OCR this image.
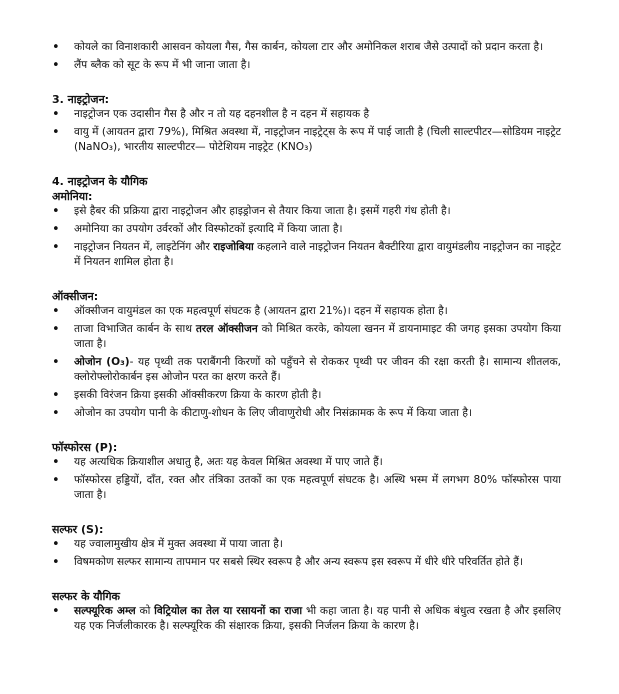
• कोयले का विनाशकारी आसवन कोयला गैस, गैस कार्बन, कोयला टार और अमोनिकल शराब जैसे उत्पादों को प्रदान करता है।
• लैंप ब्लैक को सूट के रूप में भी जाना जाता है।

3. नाइट्रोजन:

• नाइट्रोजन एक उदासीन गैस है और न तो यह दहनशील है न दहन में सहायक है
• वायु में (आयतन द्वारा 79%), मिश्रित अवस्था में, नाइट्रोजन नाइट्रेट्स के रूप में पाई जाती है (चिली साल्टपीटर—सोडियम नाइट्रेट (NaNO₃), भारतीय साल्टपीटर— पोटेशियम नाइट्रेट (KNO₃)

4. नाइट्रोजन के यौगिक

अमोनिया:

• इसे हैबर की प्रक्रिया द्वारा नाइट्रोजन और हाइड्रोजन से तैयार किया जाता है। इसमें गहरी गंध होती है।
• अमोनिया का उपयोग उर्वरकों और विस्फोटकों इत्यादि में किया जाता है।
• नाइट्रोजन नियतन में, लाइटेनिंग और राइजोबिया कहलाने वाले नाइट्रोजन नियतन बैक्टीरिया द्वारा वायुमंडलीय नाइट्रोजन का नाइट्रेट में नियतन शामिल होता है।

ऑक्सीजन:

• ऑक्सीजन वायुमंडल का एक महत्वपूर्ण संघटक है (आयतन द्वारा 21%)। दहन में सहायक होता है।
• ताजा विभाजित कार्बन के साथ तरल ऑक्सीजन को मिश्रित करके, कोयला खनन में डायनामाइट की जगह इसका उपयोग किया जाता है।
• ओजोन (O₃)- यह पृथ्वी तक पराबैंगनी किरणों को पहुँचने से रोककर पृथ्वी पर जीवन की रक्षा करती है। सामान्य शीतलक, क्लोरोफ्लोरोकार्बन इस ओजोन परत का क्षरण करते हैं।
• इसकी विरंजन क्रिया इसकी ऑक्सीकरण क्रिया के कारण होती है।
• ओजोन का उपयोग पानी के कीटाणु-शोधन के लिए जीवाणुरोधी और निसंक्रामक के रूप में किया जाता है।

फॉस्फोरस (P):

• यह अत्यधिक क्रियाशील अधातु है, अतः यह केवल मिश्रित अवस्था में पाए जाते हैं।
• फॉस्फोरस हड्डियों, दाँत, रक्त और तंत्रिका उतकों का एक महत्वपूर्ण संघटक है। अस्थि भस्म में लगभग 80% फॉस्फोरस पाया जाता है।

सल्फर (S):

• यह ज्वालामुखीय क्षेत्र में मुक्त अवस्था में पाया जाता है।
• विषमकोण सल्फर सामान्य तापमान पर सबसे स्थिर स्वरूप है और अन्य स्वरूप इस स्वरूप में धीरे धीरे परिवर्तित होते हैं।

सल्फर के यौगिक

• सल्फ्यूरिक अम्ल को विट्रियोल का तेल या रसायनों का राजा भी कहा जाता है। यह पानी से अधिक बंधुत्व रखता है और इसलिए यह एक निर्जलीकारक है। सल्फ्यूरिक की संक्षारक क्रिया, इसकी निर्जलन क्रिया के कारण है।
